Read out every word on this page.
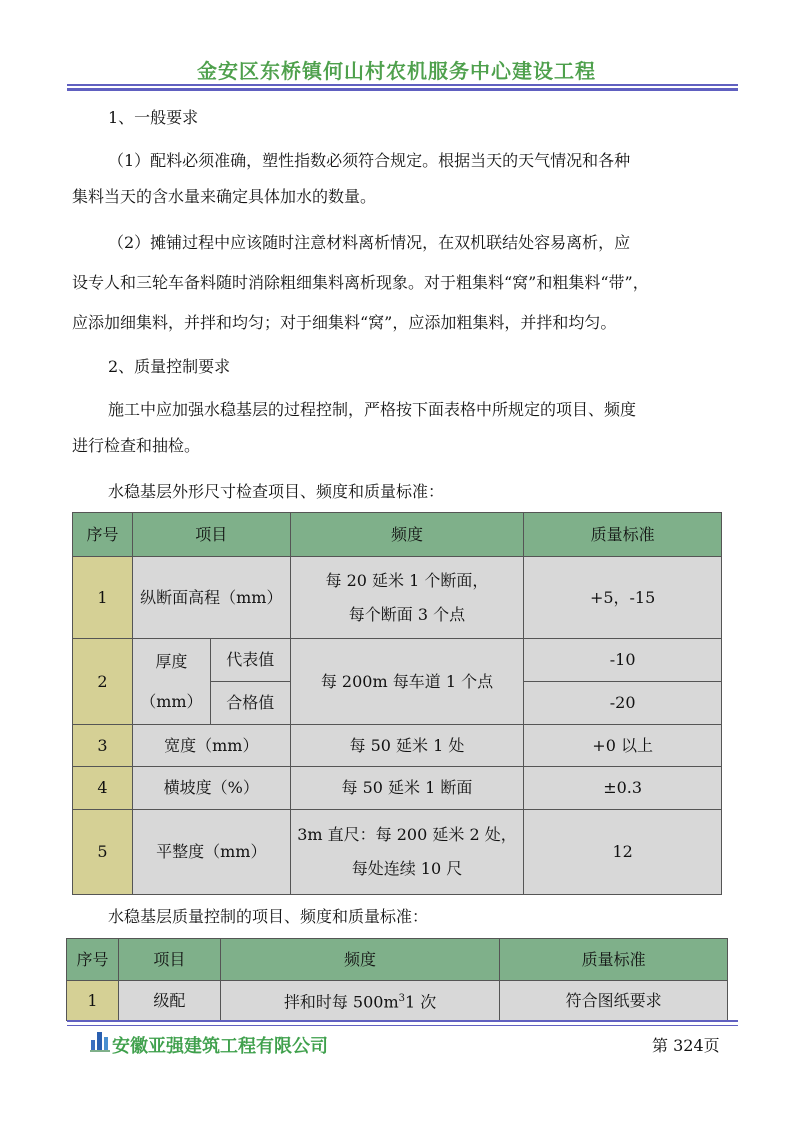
金安区东桥镇何山村农机服务中心建设工程
1、一般要求
（1）配料必须准确，塑性指数必须符合规定。根据当天的天气情况和各种
集料当天的含水量来确定具体加水的数量。
（2）摊铺过程中应该随时注意材料离析情况，在双机联结处容易离析，应
设专人和三轮车备料随时消除粗细集料离析现象。对于粗集料“窝”和粗集料“带”，
应添加细集料，并拌和均匀；对于细集料“窝”，应添加粗集料，并拌和均匀。
2、质量控制要求
施工中应加强水稳基层的过程控制，严格按下面表格中所规定的项目、频度
进行检查和抽检。
水稳基层外形尺寸检查项目、频度和质量标准：
序号	项目		频度	质量标准
1	纵断面高程（mm）		每 20 延米 1 个断面，
每个断面 3 个点	+5，-15
2	厚度
（mm）	代表值	每 200m 每车道 1 个点	-10
		合格值		-20
3	宽度（mm）		每 50 延米 1 处	+0 以上
4	横坡度（%）		每 50 延米 1 断面	±0.3
5	平整度（mm）		3m 直尺：每 200 延米 2 处，
每处连续 10 尺	12
水稳基层质量控制的项目、频度和质量标准：
序号	项目	频度	质量标准
1	级配	拌和时每 $500m^31$ 次	符合图纸要求
安徽亚强建筑工程有限公司	第 324页
